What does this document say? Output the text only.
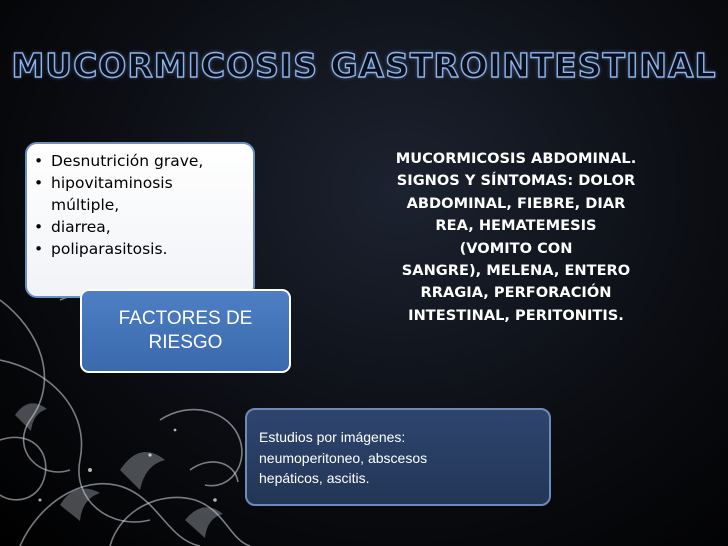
MUCORMICOSIS GASTROINTESTINAL
• Desnutrición grave,
• hipovitaminosis múltiple,
• diarrea,
• poliparasitosis.
FACTORES DE
RIESGO
MUCORMICOSIS ABDOMINAL.
SIGNOS Y SÍNTOMAS: DOLOR
ABDOMINAL, FIEBRE, DIAR
REA, HEMATEMESIS
(VOMITO CON
SANGRE), MELENA, ENTERO
RRAGIA, PERFORACIÓN
INTESTINAL, PERITONITIS.
Estudios por imágenes:
neumoperitoneo, abscesos
hepáticos, ascitis.
